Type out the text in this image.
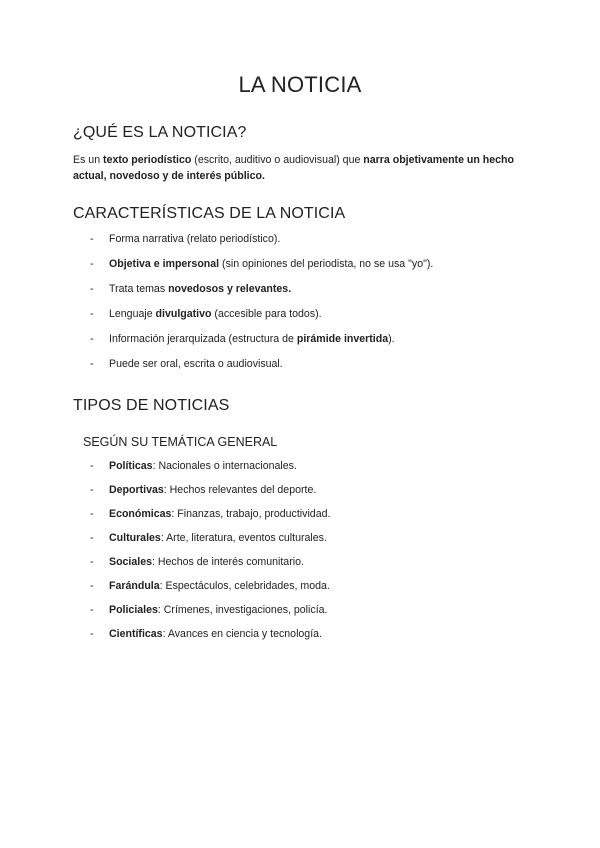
LA NOTICIA
¿QUÉ ES LA NOTICIA?

Es un texto periodístico (escrito, auditivo o audiovisual) que narra objetivamente un hecho actual, novedoso y de interés público.

CARACTERÍSTICAS DE LA NOTICIA
- Forma narrativa (relato periodístico).
- Objetiva e impersonal (sin opiniones del periodista, no se usa "yo").
- Trata temas novedosos y relevantes.
- Lenguaje divulgativo (accesible para todos).
- Información jerarquizada (estructura de pirámide invertida).
- Puede ser oral, escrita o audiovisual.
TIPOS DE NOTICIAS
SEGÚN SU TEMÁTICA GENERAL
- Políticas: Nacionales o internacionales.
- Deportivas: Hechos relevantes del deporte.
- Económicas: Finanzas, trabajo, productividad.
- Culturales: Arte, literatura, eventos culturales.
- Sociales: Hechos de interés comunitario.
- Farándula: Espectáculos, celebridades, moda.
- Policiales: Crímenes, investigaciones, policía.
- Científicas: Avances en ciencia y tecnología.
